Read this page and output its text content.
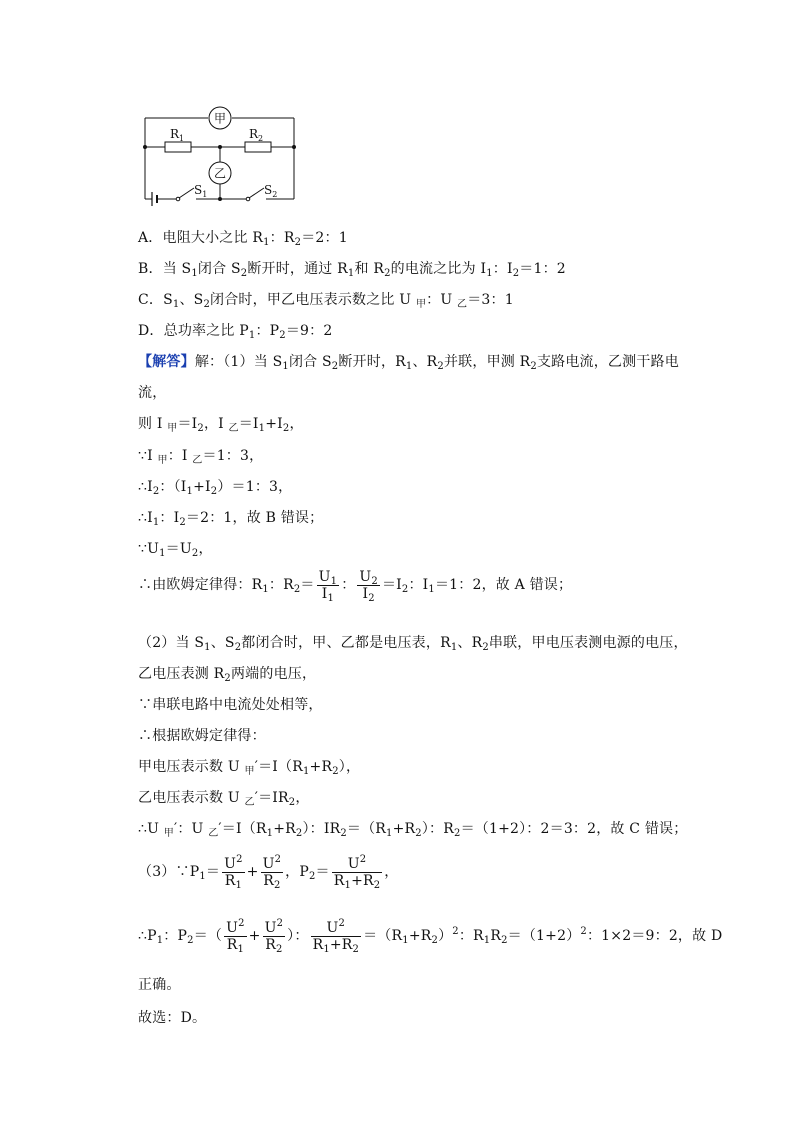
甲
乙
$R_1$	$R_2$
$S_1$	$S_2$
A．电阻大小之比 $R_1$：$R_2=2$：1
B．当 $S_1$闭合 $S_2$断开时，通过 $R_1$和 $R_2$的电流之比为 $I_1$：$I_2=1$：2
C．$S_1$、$S_2$闭合时，甲乙电压表示数之比 U $_甲$：U $_乙$＝3：1
D．总功率之比 $P_1$：$P_2=9$：2
【解答】解：（1）当 $S_1$闭合 $S_2$断开时，$R_1$、$R_2$并联，甲测 $R_2$支路电流，乙测干路电
流，
则 I $_甲=I_2$，I $_乙=I_1+I_2$，
∵I $_甲$：I $_乙$＝1：3，
$\therefore I_2$：$(I_1+I_2)=1$：3，
$\therefore I_1$：$I_2=2$：1，故 B 错误；
$\because U_1=U_2$，
∴由欧姆定律得：$R_1$：$R_2= \frac{U_1}{I_1}$ ： $\frac{U_2}{I_2} =I_2$：$I_1=1$：2，故 A 错误；
（2）当 $S_1$、$S_2$都闭合时，甲、乙都是电压表，$R_1$、$R_2$串联，甲电压表测电源的电压，
乙电压表测 $R_2$两端的电压，
∵串联电路中电流处处相等，
∴根据欧姆定律得：
甲电压表示数 U $_甲'=I(R_1+R_2)$，
乙电压表示数 U $_乙'=IR_2$，
∴U $_甲$′：U $_乙'=I(R_1+R_2)$：$IR_2=(R_1+R_2)$：$R_2=(1+2)$：2＝3：2，故 C 错误；
$(3)\because P_1= \frac{U^2}{R_1} + \frac{U^2}{R_2}$ ，$P_2= \frac{U^2}{R_1+R_2}$ ，
$\therefore P_1$：$P_2=( \frac{U^2}{R_1} + \frac{U^2}{R_2}$ ）： $\frac{U^2}{R_1+R_2} =(R_1+R_2)^2$：$R_1R_2=(1+2)^2$：1×2＝9：2，故 D
正确。
故选：D。
